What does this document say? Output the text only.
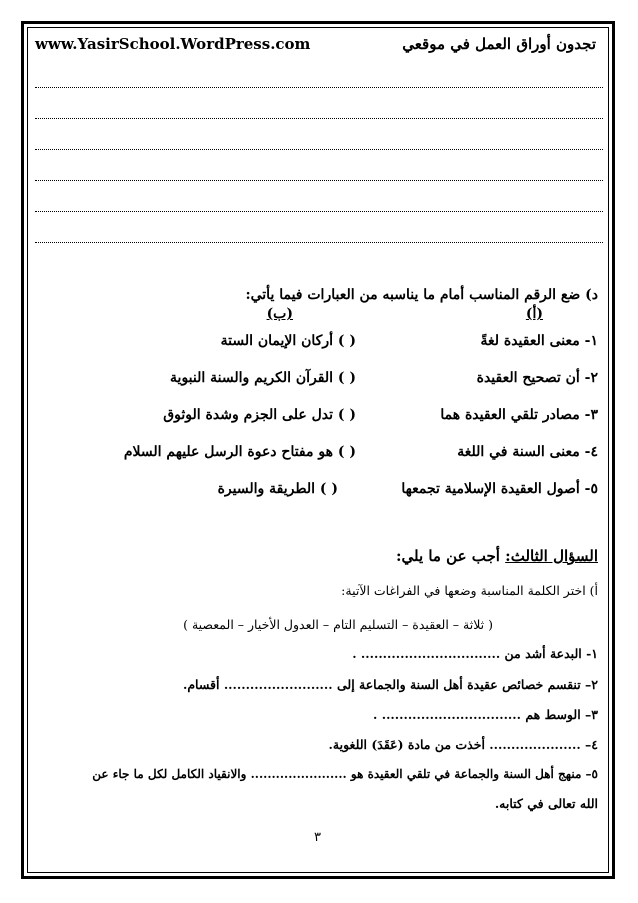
تجدون أوراق العمل في موقعي
www.YasirSchool.WordPress.com
د) ضع الرقم المناسب أمام ما يناسبه من العبارات فيما يأتي:
(أ)
(ب)
١- معنى العقيدة لغةً
٢- أن تصحيح العقيدة
٣- مصادر تلقي العقيدة هما
٤- معنى السنة في اللغة
٥- أصول العقيدة الإسلامية تجمعها
( ) أركان الإيمان الستة
( ) القرآن الكريم والسنة النبوية
( ) تدل على الجزم وشدة الوثوق
( ) هو مفتاح دعوة الرسل عليهم السلام
( ) الطريقة والسيرة
السؤال الثالث: أجب عن ما يلي:
أ) اختر الكلمة المناسبة وضعها في الفراغات الآتية:
( ثلاثة – العقيدة – التسليم التام – العدول الأخيار – المعصية )
١- البدعة أشد من ................................ .
٢– تنقسم خصائص عقيدة أهل السنة والجماعة إلى ......................... أقسام.
٣– الوسط هم ................................ .
٤– ..................... أخذت من مادة (عَقَدَ) اللغوية.
٥– منهج أهل السنة والجماعة في تلقي العقيدة هو ....................... والانقياد الكامل لكل ما جاء عن
الله تعالى في كتابه.
٣
